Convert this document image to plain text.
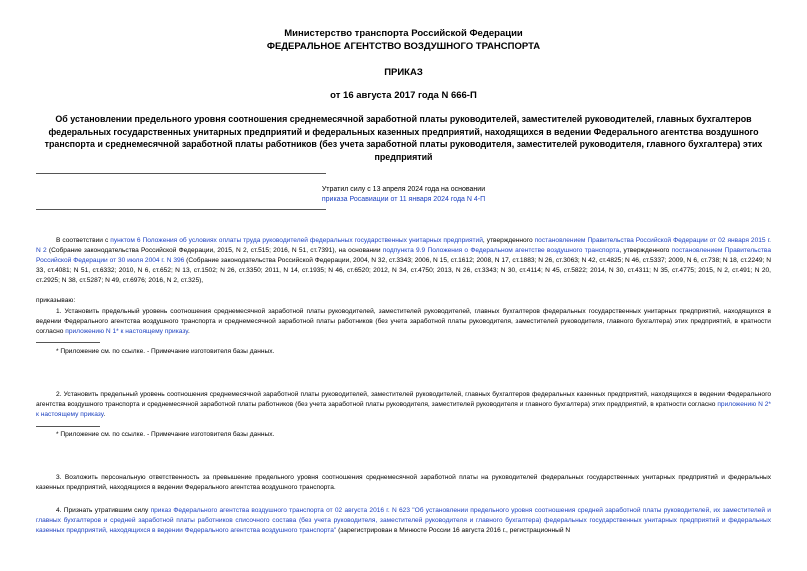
Министерство транспорта Российской Федерации
ФЕДЕРАЛЬНОЕ АГЕНТСТВО ВОЗДУШНОГО ТРАНСПОРТА
ПРИКАЗ
от 16 августа 2017 года N 666-П
Об установлении предельного уровня соотношения среднемесячной заработной платы руководителей, заместителей руководителей, главных бухгалтеров федеральных государственных унитарных предприятий и федеральных казенных предприятий, находящихся в ведении Федерального агентства воздушного транспорта и среднемесячной заработной платы работников (без учета заработной платы руководителя, заместителей руководителя, главного бухгалтера) этих предприятий
Утратил силу с 13 апреля 2024 года на основании
приказа Росавиации от 11 января 2024 года N 4-П
В соответствии с пунктом 6 Положения об условиях оплаты труда руководителей федеральных государственных унитарных предприятий, утвержденного постановлением Правительства Российской Федерации от 02 января 2015 г. N 2 (Собрание законодательства Российской Федерации, 2015, N 2, ст.515; 2016, N 51, ст.7391), на основании подпункта 9.9 Положения о Федеральном агентстве воздушного транспорта, утвержденного постановлением Правительства Российской Федерации от 30 июля 2004 г. N 396 (Собрание законодательства Российской Федерации, 2004, N 32, ст.3343; 2006, N 15, ст.1612; 2008, N 17, ст.1883; N 26, ст.3063; N 42, ст.4825; N 46, ст.5337; 2009, N 6, ст.738; N 18, ст.2249; N 33, ст.4081; N 51, ст.6332; 2010, N 6, ст.652; N 13, ст.1502; N 26, ст.3350; 2011, N 14, ст.1935; N 46, ст.6520; 2012, N 34, ст.4750; 2013, N 26, ст.3343; N 30, ст.4114; N 45, ст.5822; 2014, N 30, ст.4311; N 35, ст.4775; 2015, N 2, ст.491; N 20, ст.2925; N 38, ст.5287; N 49, ст.6976; 2016, N 2, ст.325),
приказываю:
1. Установить предельный уровень соотношения среднемесячной заработной платы руководителей, заместителей руководителей, главных бухгалтеров федеральных государственных унитарных предприятий, находящихся в ведении Федерального агентства воздушного транспорта и среднемесячной заработной платы работников (без учета заработной платы руководителя, заместителей руководителя, главного бухгалтера) этих предприятий, в кратности согласно приложению N 1* к настоящему приказу.
* Приложение см. по ссылке. - Примечание изготовителя базы данных.
2. Установить предельный уровень соотношения среднемесячной заработной платы руководителей, заместителей руководителей, главных бухгалтеров федеральных казенных предприятий, находящихся в ведении Федерального агентства воздушного транспорта и среднемесячной заработной платы работников (без учета заработной платы руководителя, заместителей руководителя и главного бухгалтера) этих предприятий, в кратности согласно приложению N 2* к настоящему приказу.
* Приложение см. по ссылке. - Примечание изготовителя базы данных.
3. Возложить персональную ответственность за превышение предельного уровня соотношения среднемесячной заработной платы на руководителей федеральных государственных унитарных предприятий и федеральных казенных предприятий, находящихся в ведении Федерального агентства воздушного транспорта.
4. Признать утратившим силу приказ Федерального агентства воздушного транспорта от 02 августа 2016 г. N 623 "Об установлении предельного уровня соотношения средней заработной платы руководителей, их заместителей и главных бухгалтеров и средней заработной платы работников списочного состава (без учета руководителя, заместителей руководителя и главного бухгалтера) федеральных государственных унитарных предприятий и федеральных казенных предприятий, находящихся в ведении Федерального агентства воздушного транспорта" (зарегистрирован в Минюсте России 16 августа 2016 г., регистрационный N
